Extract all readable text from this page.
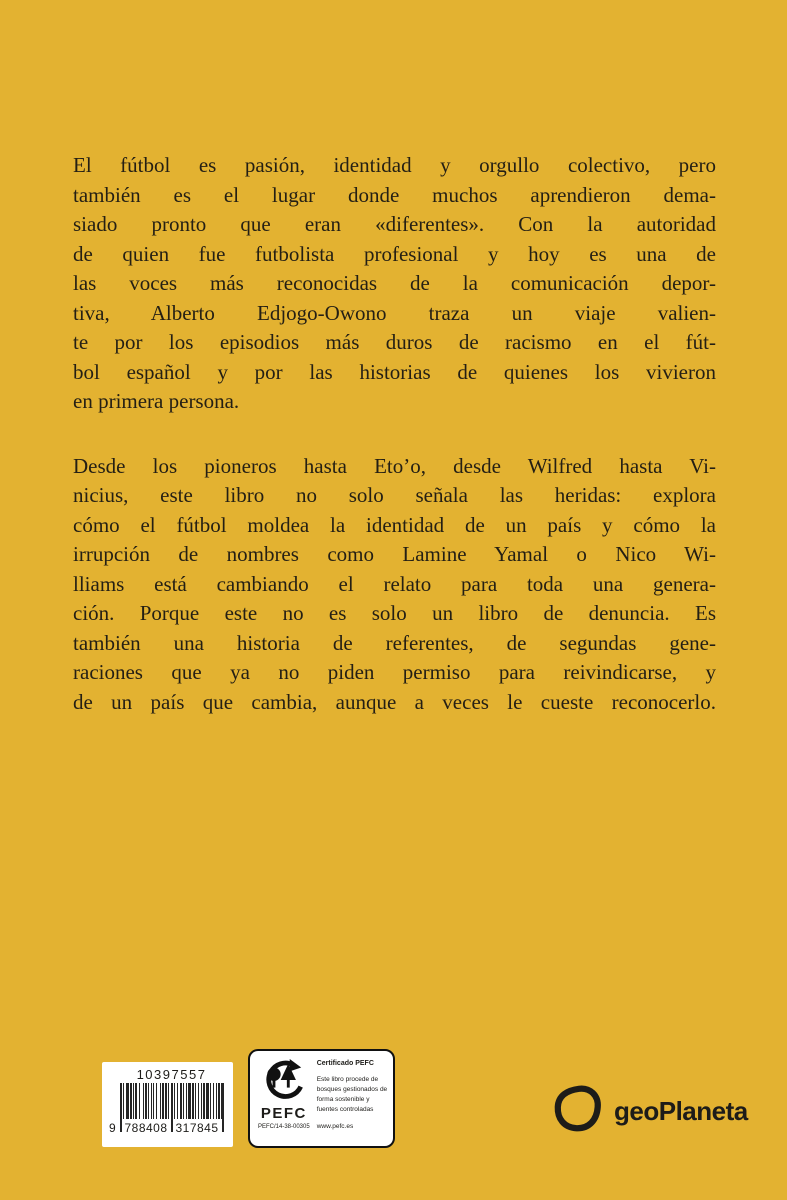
El fútbol es pasión, identidad y orgullo colectivo, pero
también es el lugar donde muchos aprendieron dema-
siado pronto que eran «diferentes». Con la autoridad
de quien fue futbolista profesional y hoy es una de
las voces más reconocidas de la comunicación depor-
tiva, Alberto Edjogo-Owono traza un viaje valien-
te por los episodios más duros de racismo en el fút-
bol español y por las historias de quienes los vivieron
en primera persona.
Desde los pioneros hasta Eto’o, desde Wilfred hasta Vi-
nicius, este libro no solo señala las heridas: explora
cómo el fútbol moldea la identidad de un país y cómo la
irrupción de nombres como Lamine Yamal o Nico Wi-
lliams está cambiando el relato para toda una genera-
ción. Porque este no es solo un libro de denuncia. Es
también una historia de referentes, de segundas gene-
raciones que ya no piden permiso para reivindicarse, y
de un país que cambia, aunque a veces le cueste reconocerlo.
10397557
9 788408 317845
PEFC
PEFC/14-38-00305
Certificado PEFC
Este libro procede de bosques gestionados de forma sostenible y fuentes controladas
www.pefc.es
geoPlaneta
